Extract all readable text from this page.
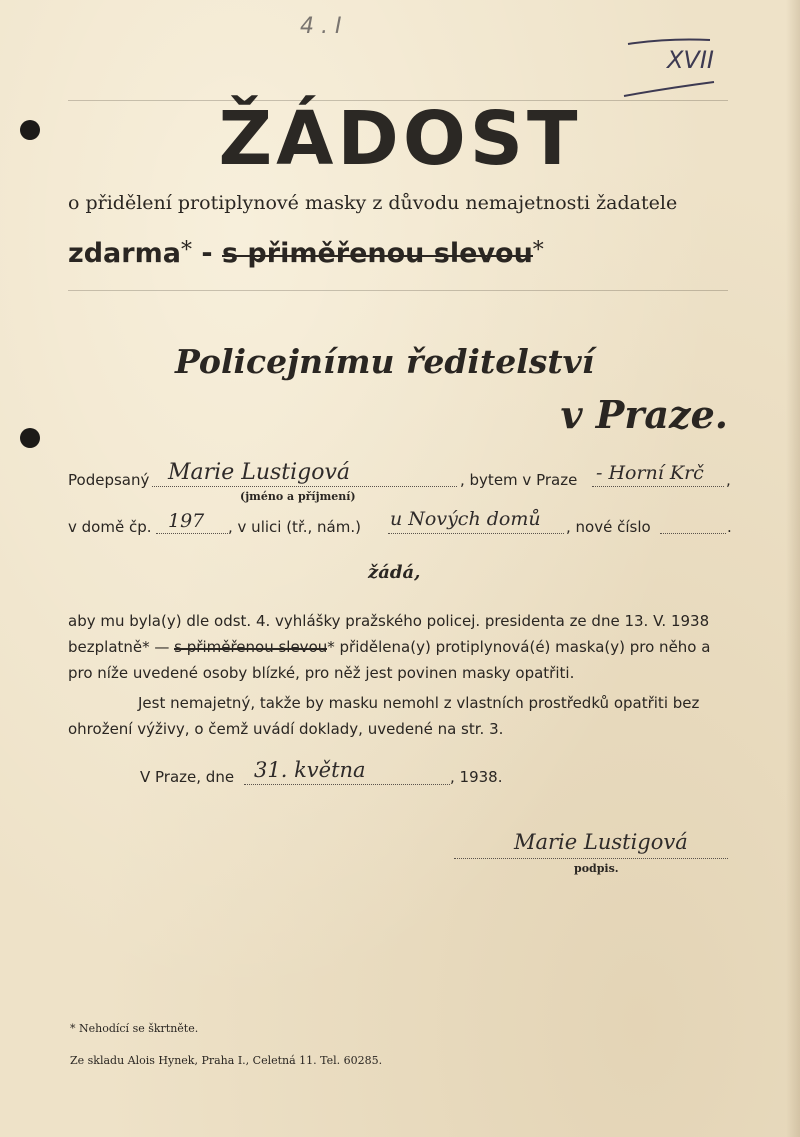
4 . I
XVII
ŽÁDOST
o přidělení protiplynové masky z důvodu nemajetnosti žadatele
zdarma* - s přiměřenou slevou*
Policejnímu ředitelství
v Praze.
Podepsaný Marie Lustigová
(jméno a příjmení)
, bytem v Praze - Horní Krč ,
v domě čp. 197 , v ulici (tř., nám.) u Nových domů , nové číslo	.
žádá,
aby mu byla(y) dle odst. 4. vyhlášky pražského policej. presidenta ze dne 13. V. 1938
bezplatně* — s přiměřenou slevou* přidělena(y) protiplynová(é) maska(y) pro něho a
pro níže uvedené osoby blízké, pro něž jest povinen masky opatřiti.
Jest nemajetný, takže by masku nemohl z vlastních prostředků opatřiti bez
ohrožení výživy, o čemž uvádí doklady, uvedené na str. 3.
V Praze, dne 31. května	, 1938.
Marie Lustigová
podpis.
* Nehodící se škrtněte.
Ze skladu Alois Hynek, Praha I., Celetná 11. Tel. 60285.
